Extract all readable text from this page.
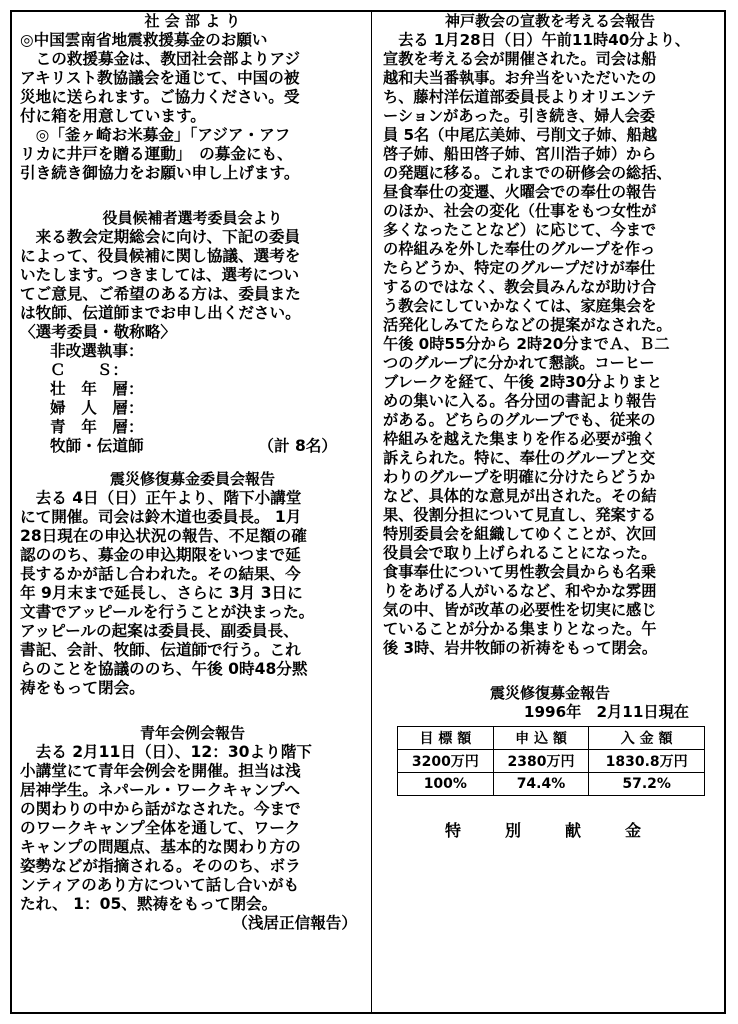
社 会 部 よ り
◎中国雲南省地震救援募金のお願い
　この救援募金は、教団社会部よりアジ
アキリスト教協議会を通じて、中国の被
災地に送られます。ご協力ください。受
付に箱を用意しています。
　◎「釜ヶ崎お米募金」「アジア・アフ
リカに井戸を贈る運動」　の募金にも、
引き続き御協力をお願い申し上げます。
役員候補者選考委員会より
　来る教会定期総会に向け、下記の委員
によって、役員候補に関し協議、選考を
いたします。つきましては、選考につい
てご意見、ご希望のある方は、委員また
は牧師、伝道師までお申し出ください。
〈選考委員・敬称略〉
非改選執事：
Ｃ　　Ｓ：
壮　年　層：
婦　人　層：
青　年　層：
牧師・伝道師	（計 8名）
震災修復募金委員会報告
　去る 4日（日）正午より、階下小講堂
にて開催。司会は鈴木道也委員長。 1月
28日現在の申込状況の報告、不足額の確
認ののち、募金の申込期限をいつまで延
長するかが話し合われた。その結果、今
年 9月末まで延長し、さらに 3月 3日に
文書でアッピールを行うことが決まった。
アッピールの起案は委員長、副委員長、
書記、会計、牧師、伝道師で行う。これ
らのことを協議ののち、午後 0時48分黙
祷をもって閉会。
青年会例会報告
　去る 2月11日（日）、12：30より階下
小講堂にて青年会例会を開催。担当は浅
居神学生。ネパール・ワークキャンプへ
の関わりの中から話がなされた。今まで
のワークキャンプ全体を通して、ワーク
キャンプの問題点、基本的な関わり方の
姿勢などが指摘される。そののち、ボラ
ンティアのあり方について話し合いがも
たれ、 1：05、黙祷をもって閉会。
（浅居正信報告）
神戸教会の宣教を考える会報告
　去る 1月28日（日）午前11時40分より、
宣教を考える会が開催された。司会は船
越和夫当番執事。お弁当をいただいたの
ち、藤村洋伝道部委員長よりオリエンテ
ーションがあった。引き続き、婦人会委
員 5名（中尾広美姉、弓削文子姉、船越
啓子姉、船田啓子姉、宮川浩子姉）から
の発題に移る。これまでの研修会の総括、
昼食奉仕の変遷、火曜会での奉仕の報告
のほか、社会の変化（仕事をもつ女性が
多くなったことなど）に応じて、今まで
の枠組みを外した奉仕のグループを作っ
たらどうか、特定のグループだけが奉仕
するのではなく、教会員みんなが助け合
う教会にしていかなくては、家庭集会を
活発化しみてたらなどの提案がなされた。
午後 0時55分から 2時20分までＡ、Ｂ二
つのグループに分かれて懇談。コーヒー
ブレークを経て、午後 2時30分よりまと
めの集いに入る。各分団の書記より報告
がある。どちらのグループでも、従来の
枠組みを越えた集まりを作る必要が強く
訴えられた。特に、奉仕のグループと交
わりのグループを明確に分けたらどうか
など、具体的な意見が出された。その結
果、役割分担について見直し、発案する
特別委員会を組織してゆくことが、次回
役員会で取り上げられることになった。
食事奉仕について男性教会員からも名乗
りをあげる人がいるなど、和やかな雰囲
気の中、皆が改革の必要性を切実に感じ
ていることが分かる集まりとなった。午
後 3時、岩井牧師の祈祷をもって閉会。
震災修復募金報告
1996年　2月11日現在
目 標 額	申 込 額	入 金 額
3200万円	2380万円	1830.8万円
100%	74.4%	57.2%
特　別　献　金
